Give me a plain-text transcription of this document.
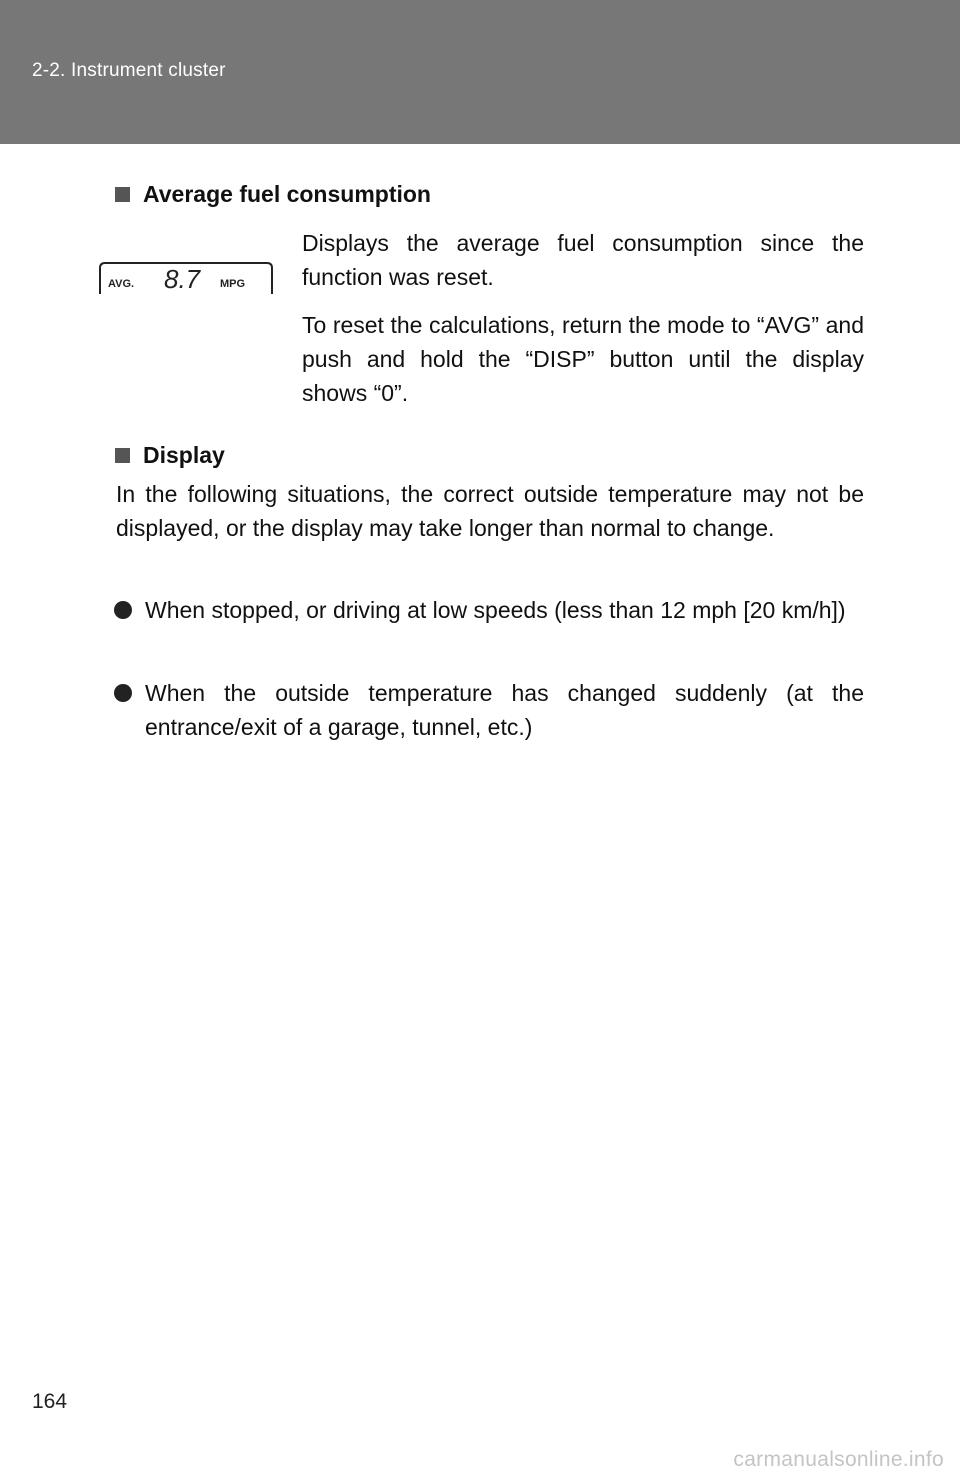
2-2. Instrument cluster
Average fuel consumption
AVG. 8.7 MPG

Displays the average fuel consumption since the function was reset.

To reset the calculations, return the mode to “AVG” and push and hold the “DISP” button until the display shows “0”.

Display

In the following situations, the correct outside temperature may not be displayed, or the display may take longer than normal to change.

When stopped, or driving at low speeds (less than 12 mph [20 km/h])

When the outside temperature has changed suddenly (at the entrance/exit of a garage, tunnel, etc.)

164
carmanualsonline.info
